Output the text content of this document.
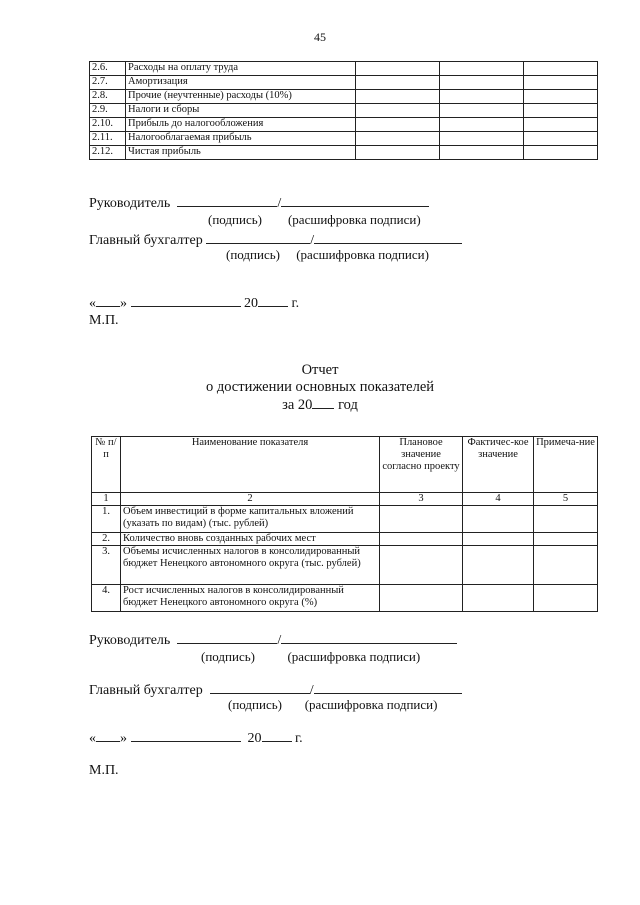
45
2.6.	Расходы на оплату труда			
2.7.	Амортизация			
2.8.	Прочие (неучтенные) расходы (10%)			
2.9.	Налоги и сборы			
2.10.	Прибыль до налогообложения			
2.11.	Налогооблагаемая прибыль			
2.12.	Чистая прибыль			
Руководитель	/
(подпись) (расшифровка подписи)
Главный бухгалтер	/
(подпись) (расшифровка подписи)
« »	20 г.
М.П.
Отчет
о достижении основных показателей
за 20 год
№ п/п	Наименование показателя	Плановое значение согласно проекту	Фактичес-кое значение	Примеча-ние
1	2	3	4	5
1.	Объем инвестиций в форме капитальных вложений (указать по видам) (тыс. рублей)			
2.	Количество вновь созданных рабочих мест			
3.	Объемы исчисленных налогов в консолидированный бюджет Ненецкого автономного округа (тыс. рублей)			
4.	Рост исчисленных налогов в консолидированный бюджет Ненецкого автономного округа (%)			
Руководитель	/
(подпись)	(расшифровка подписи)
Главный бухгалтер	/
(подпись) (расшифровка подписи)
« »	20 г.
М.П.
